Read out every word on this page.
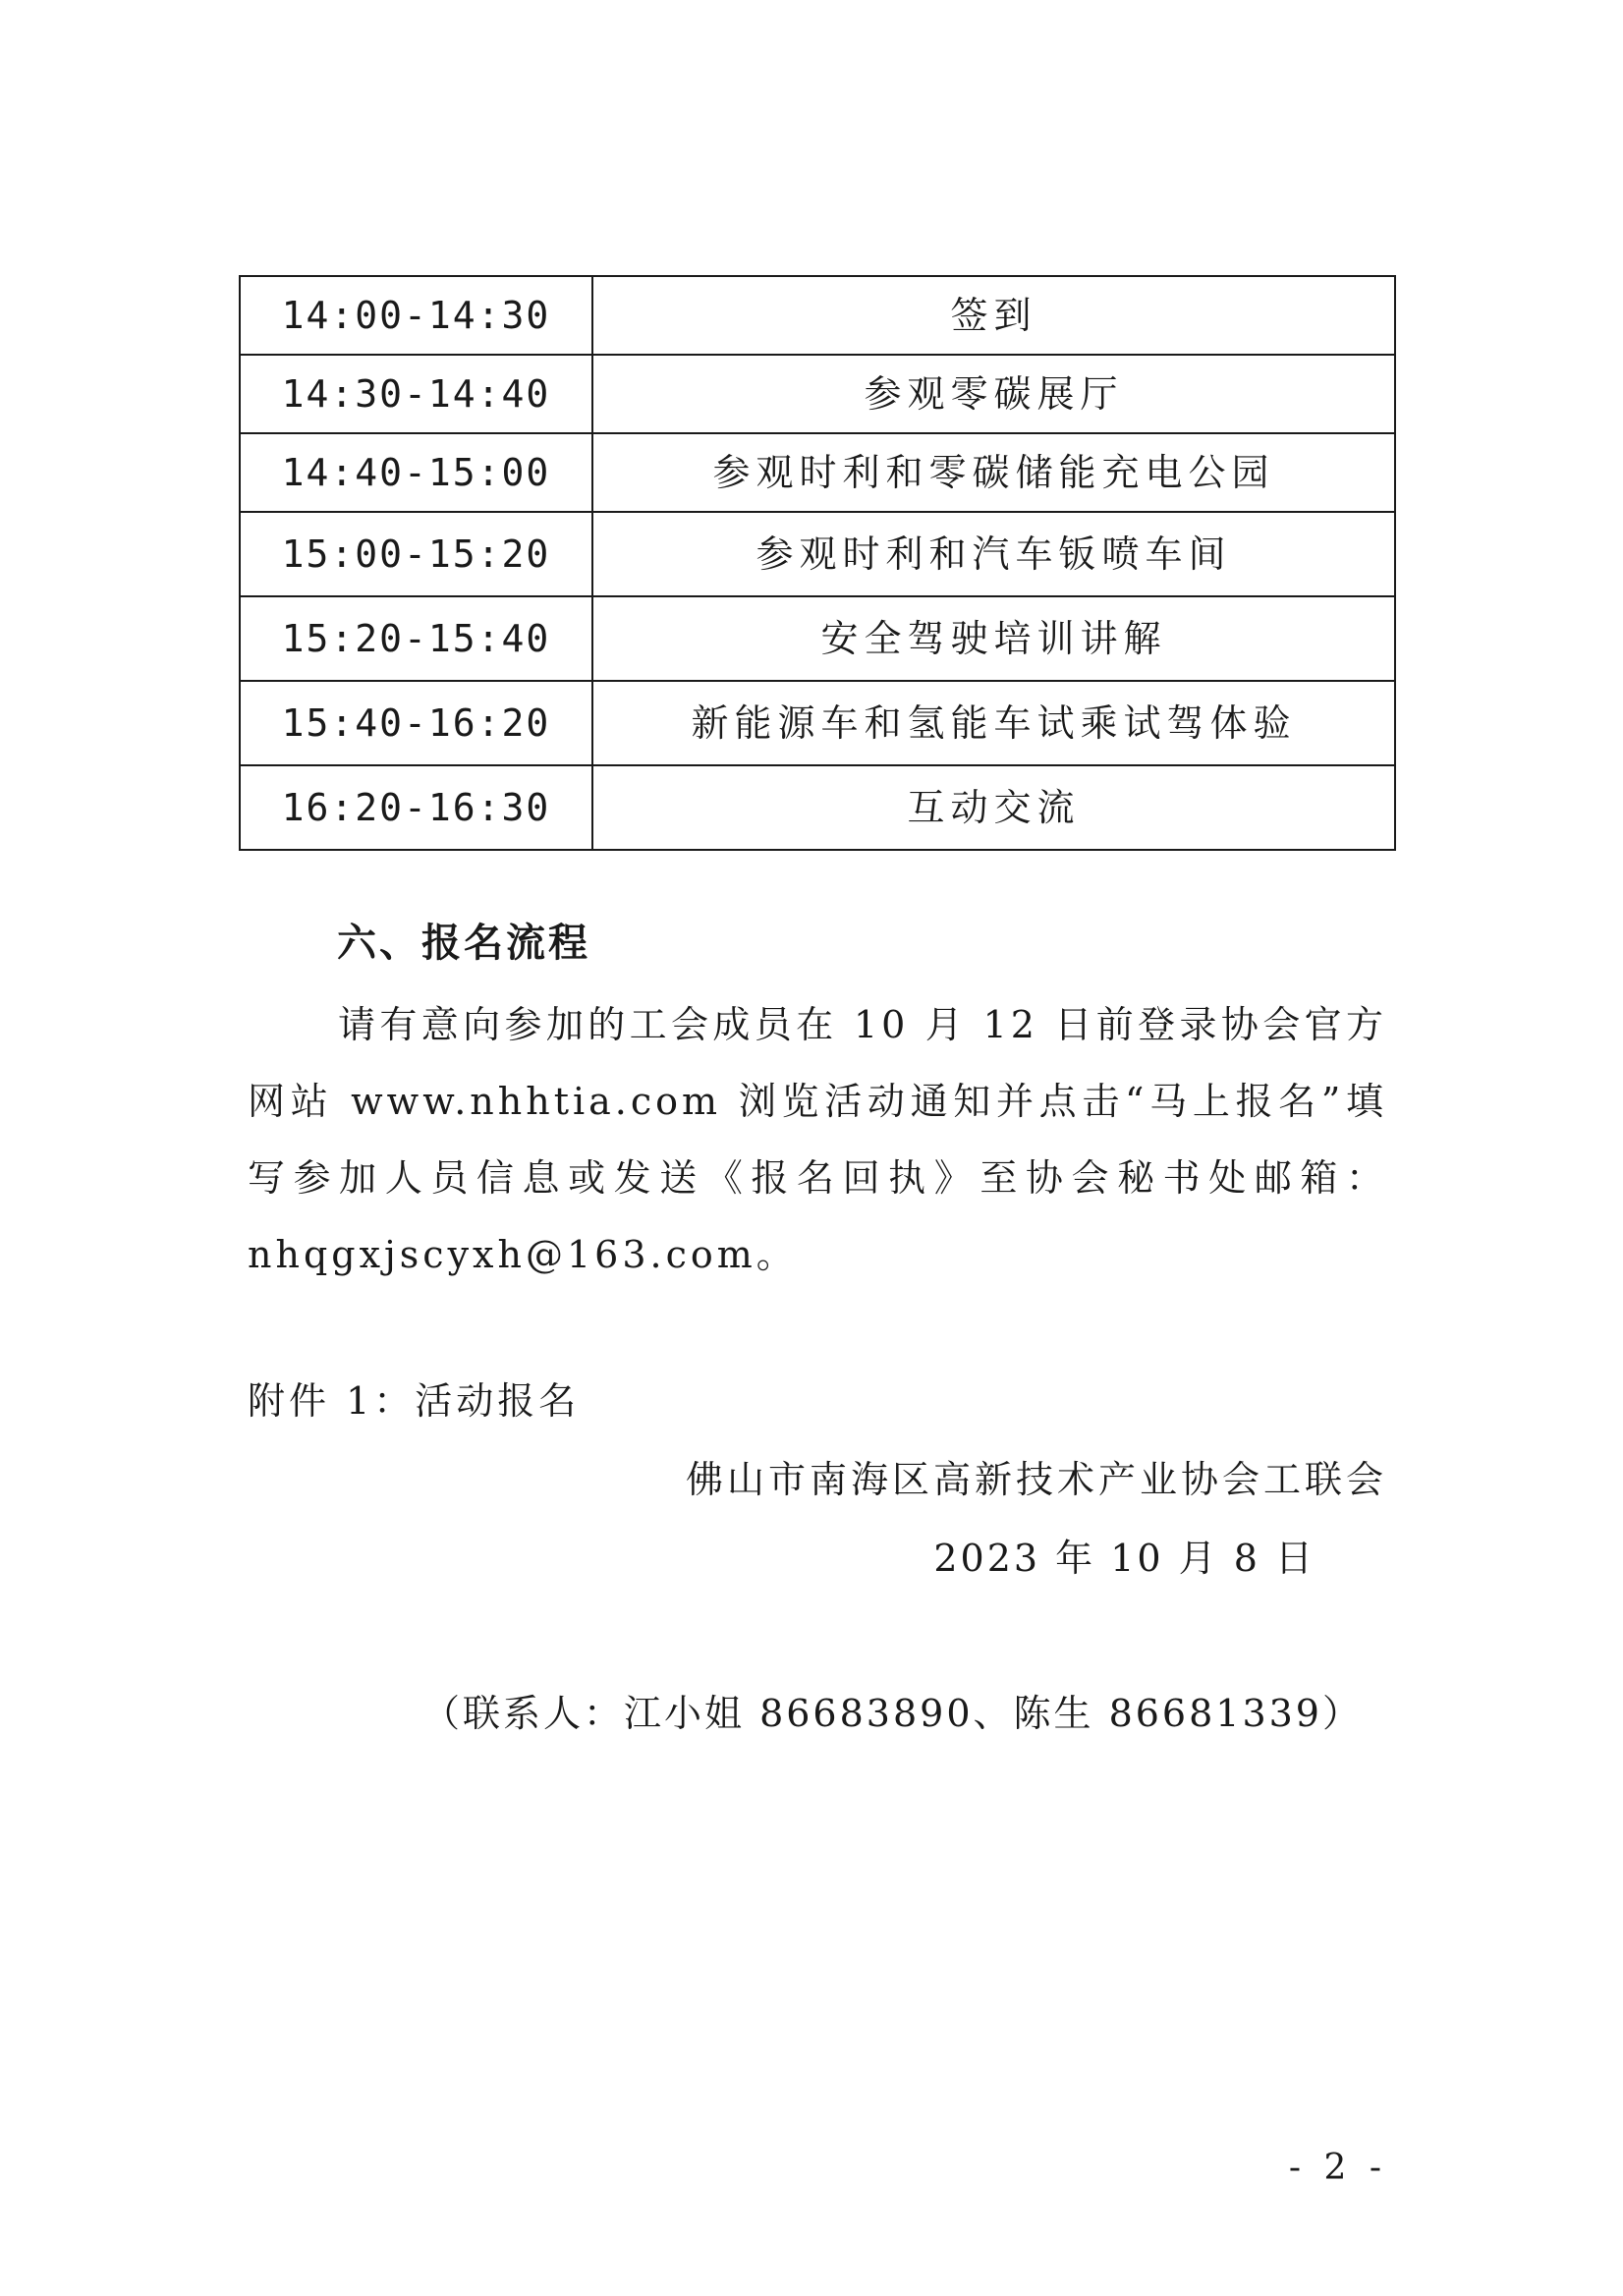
14:00-14:30	签到
14:30-14:40	参观零碳展厅
14:40-15:00	参观时利和零碳储能充电公园
15:00-15:20	参观时利和汽车钣喷车间
15:20-15:40	安全驾驶培训讲解
15:40-16:20	新能源车和氢能车试乘试驾体验
16:20-16:30	互动交流
六、报名流程

请有意向参加的工会成员在 10 月 12 日前登录协会官方网站 www.nhhtia.com 浏览活动通知并点击“马上报名”填写参加人员信息或发送《报名回执》至协会秘书处邮箱：nhqgxjscyxh@163.com。

附件 1：活动报名

佛山市南海区高新技术产业协会工联会

2023 年 10 月 8 日

（联系人：江小姐 86683890、陈生 86681339）

- 2 -
